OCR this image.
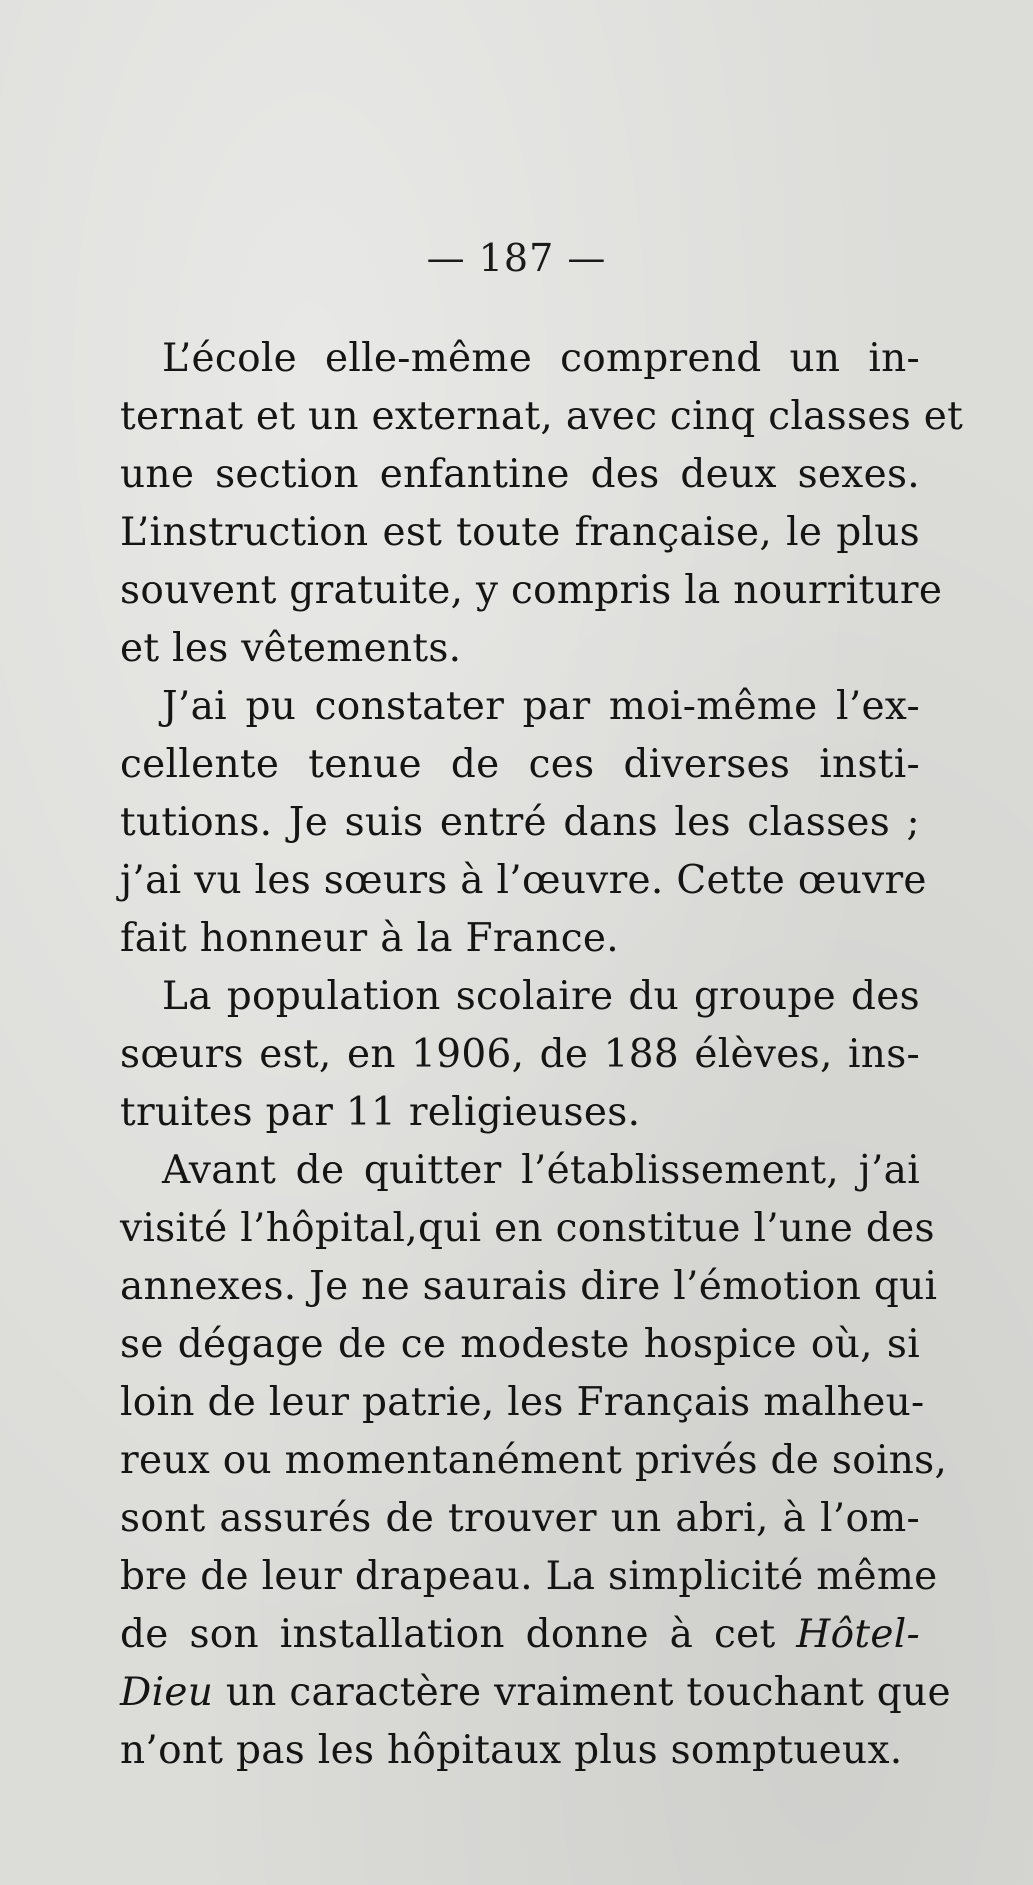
— 187 —

L’école elle-même comprend un in-
ternat et un externat, avec cinq classes et
une section enfantine des deux sexes.
L’instruction est toute française, le plus
souvent gratuite, y compris la nourriture
et les vêtements.

J’ai pu constater par moi-même l’ex-
cellente tenue de ces diverses insti-
tutions. Je suis entré dans les classes ;
j’ai vu les sœurs à l’œuvre. Cette œuvre
fait honneur à la France.

La population scolaire du groupe des
sœurs est, en 1906, de 188 élèves, ins-
truites par 11 religieuses.

Avant de quitter l’établissement, j’ai
visité l’hôpital,qui en constitue l’une des
annexes. Je ne saurais dire l’émotion qui
se dégage de ce modeste hospice où, si
loin de leur patrie, les Français malheu-
reux ou momentanément privés de soins,
sont assurés de trouver un abri, à l’om-
bre de leur drapeau. La simplicité même
de son installation donne à cet Hôtel-
Dieu un caractère vraiment touchant que
n’ont pas les hôpitaux plus somptueux.
